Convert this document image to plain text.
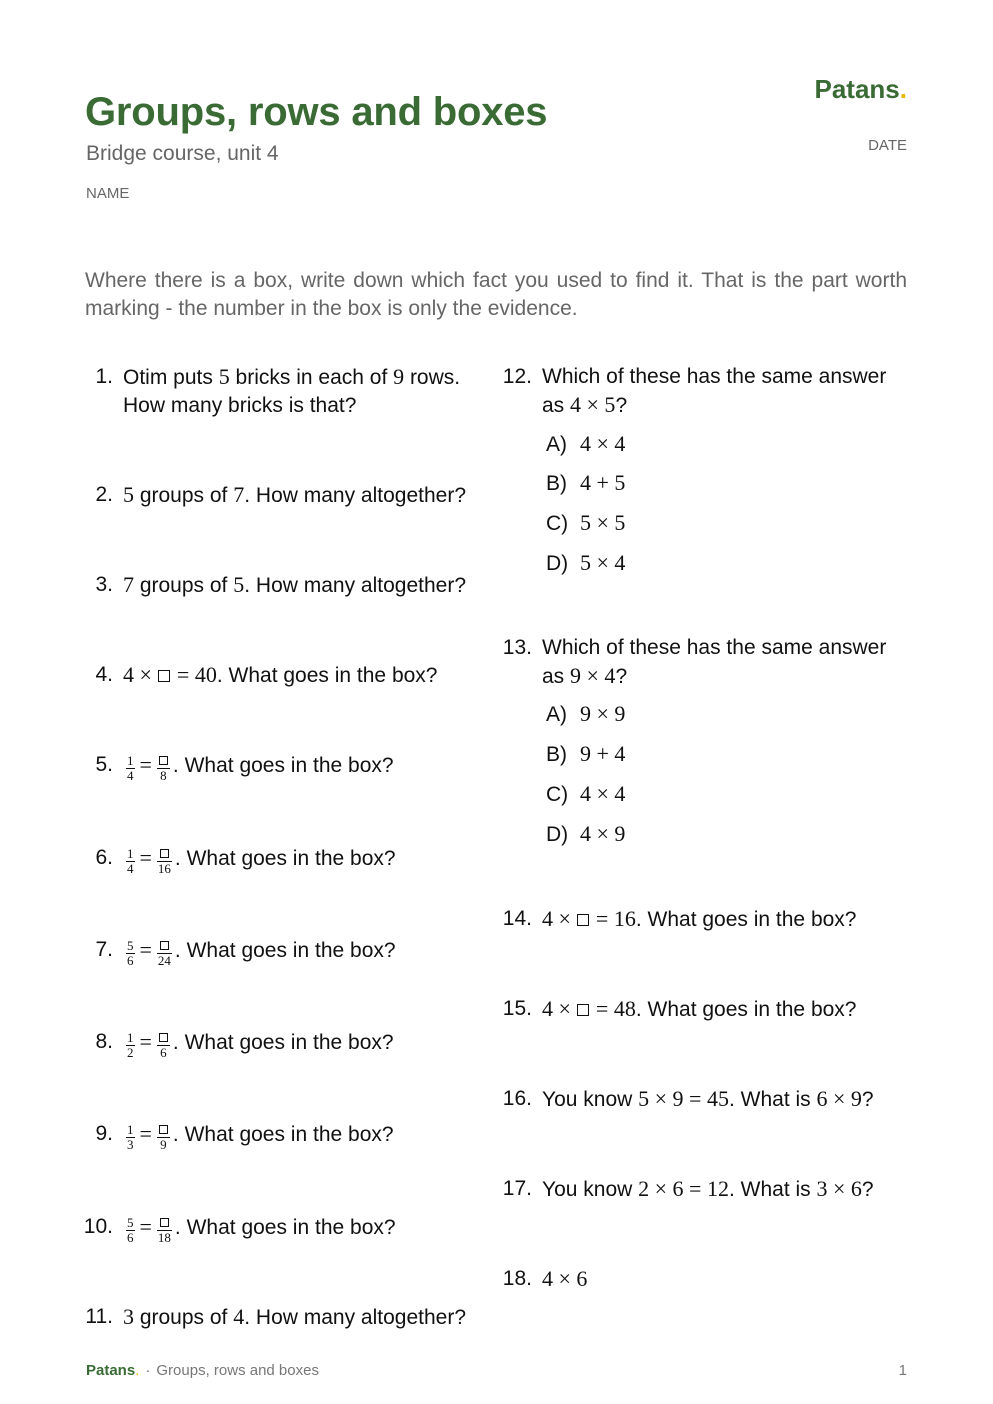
Groups, rows and boxes
Bridge course, unit 4
NAME
Patans.
DATE

Where there is a box, write down which fact you used to find it. That is the part worth marking - the number in the box is only the evidence.

1. Otim puts 5 bricks in each of 9 rows.
How many bricks is that?
2. 5 groups of 7. How many altogether?
3. 7 groups of 5. How many altogether?
4. 4 ×  = 40. What goes in the box?
5. $\frac{1}{4} = 8$ . What goes in the box?
6. $\frac{1}{4} = 16$ . What goes in the box?
7. $\frac{5}{6} = 24$ . What goes in the box?
8. $\frac{1}{2} = 6$ . What goes in the box?
9. $\frac{1}{3} = 9$ . What goes in the box?
10. $\frac{5}{6} = 18$ . What goes in the box?
11. 3 groups of 4. How many altogether?
12. Which of these has the same answer
as 4 × 5?
A) 4 × 4
B) 4 + 5
C) 5 × 5
D) 5 × 4
13. Which of these has the same answer
as 9 × 4?
A) 9 × 9
B) 9 + 4
C) 4 × 4
D) 4 × 9
14. 4 ×  = 16. What goes in the box?
15. 4 ×  = 48. What goes in the box?
16. You know 5 × 9 = 45. What is 6 × 9?
17. You know 2 × 6 = 12. What is 3 × 6?
18. 4 × 6
Patans. · Groups, rows and boxes	1
